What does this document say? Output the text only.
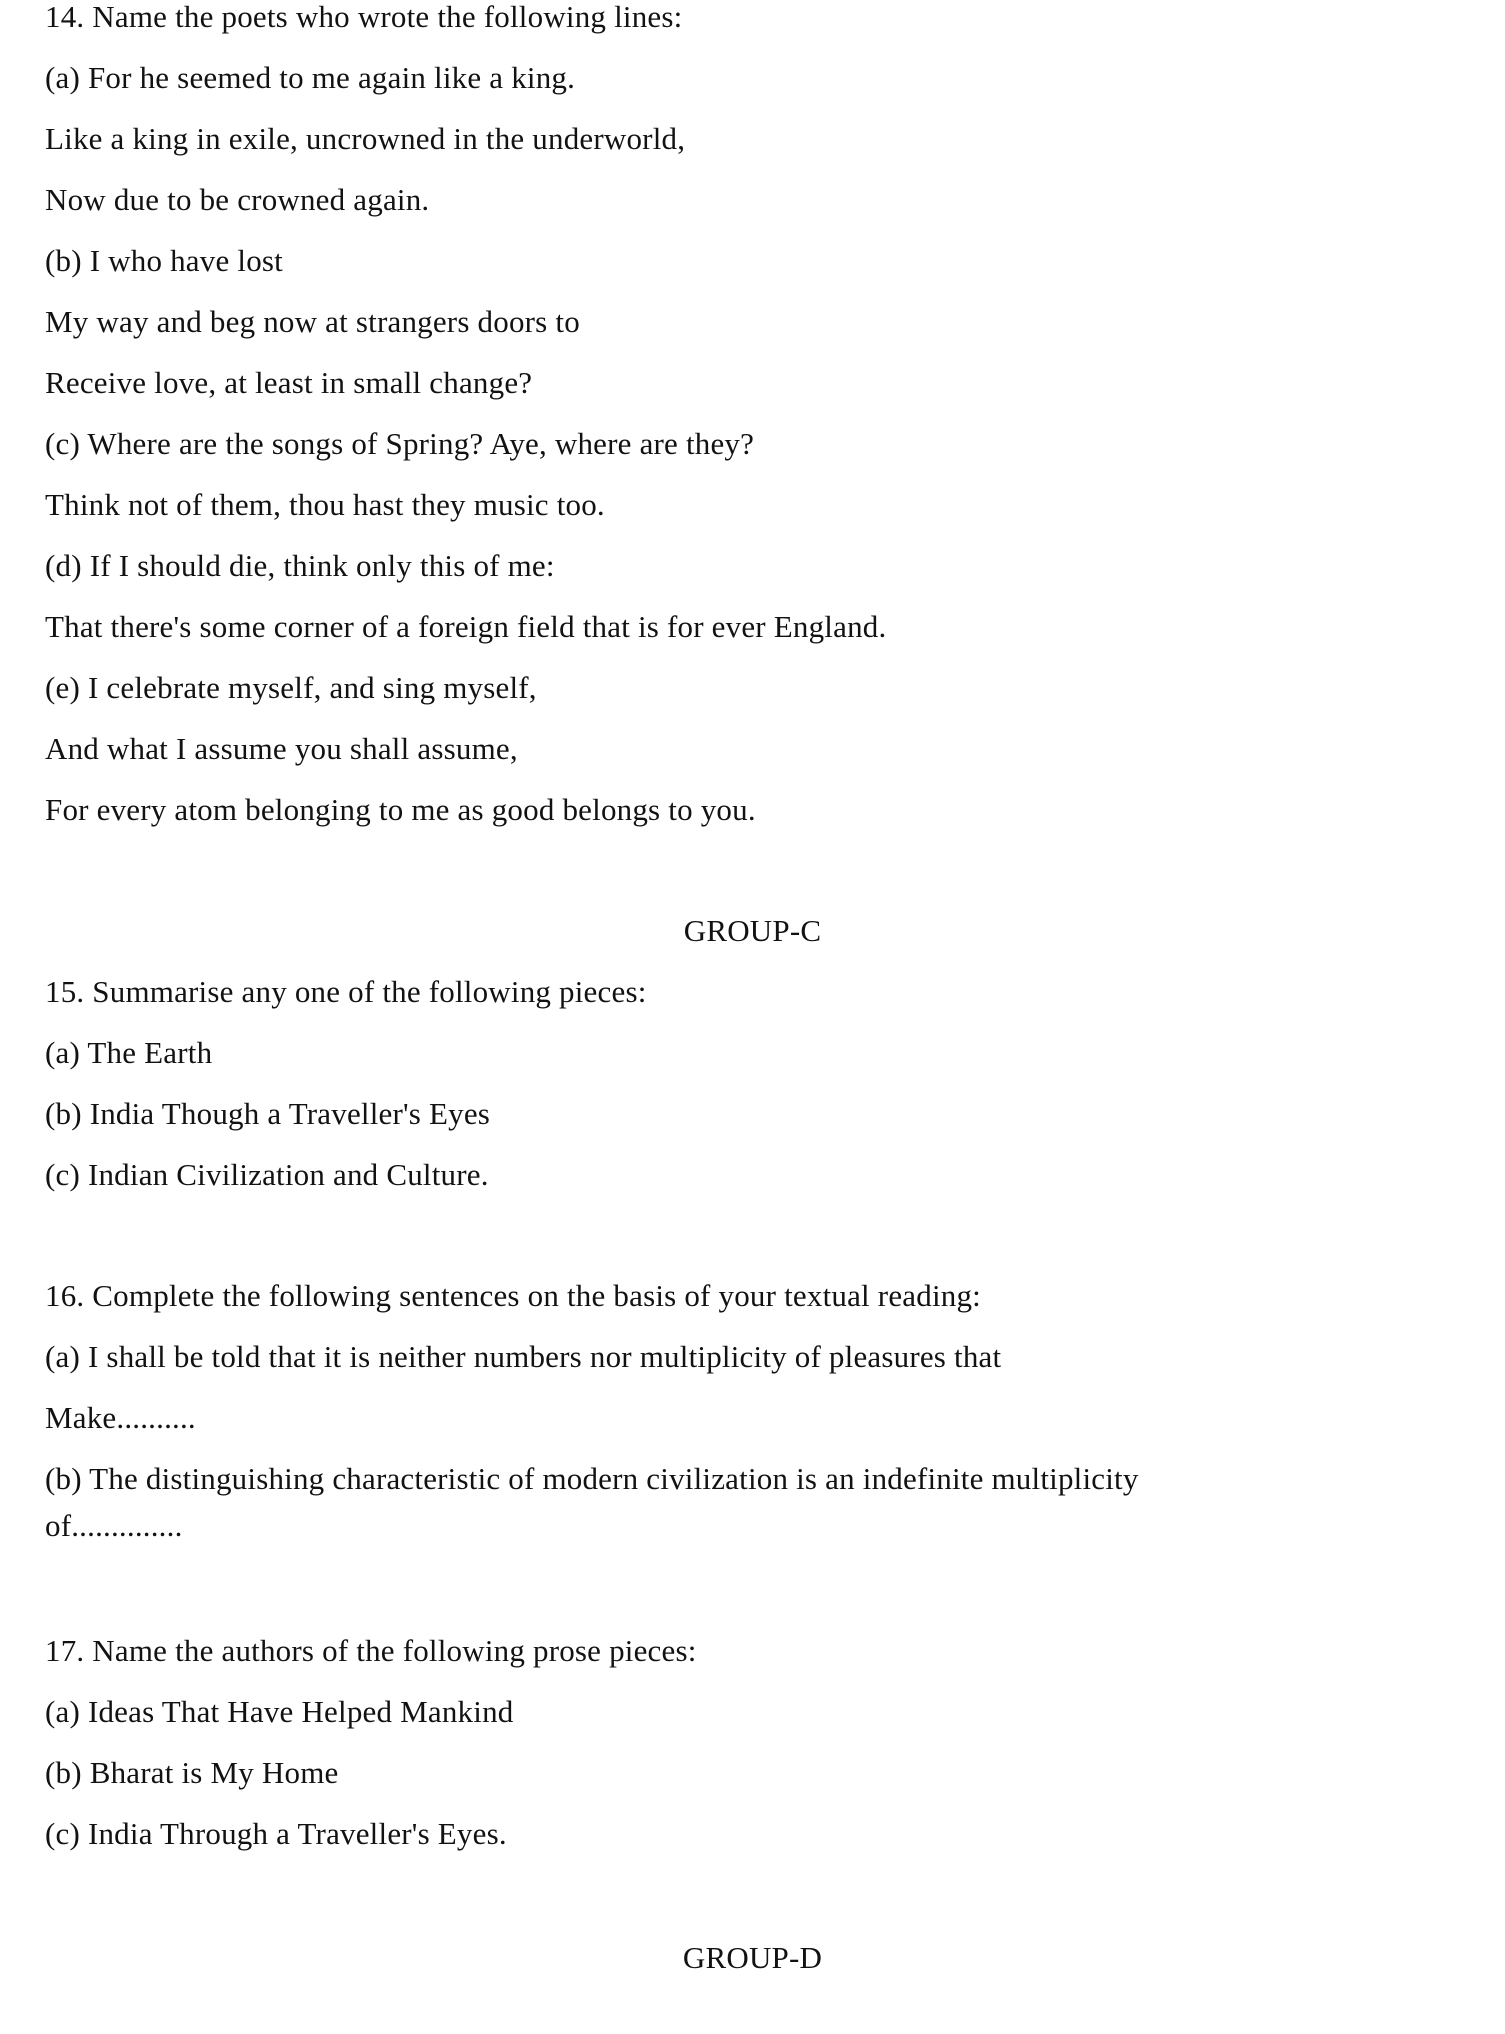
14. Name the poets who wrote the following lines:

(a) For he seemed to me again like a king.

Like a king in exile, uncrowned in the underworld,

Now due to be crowned again.

(b) I who have lost

My way and beg now at strangers doors to

Receive love, at least in small change?

(c) Where are the songs of Spring? Aye, where are they?

Think not of them, thou hast they music too.

(d) If I should die, think only this of me:

That there's some corner of a foreign field that is for ever England.

(e) I celebrate myself, and sing myself,

And what I assume you shall assume,

For every atom belonging to me as good belongs to you.

GROUP-C

15. Summarise any one of the following pieces:

(a) The Earth

(b) India Though a Traveller's Eyes

(c) Indian Civilization and Culture.

16. Complete the following sentences on the basis of your textual reading:

(a) I shall be told that it is neither numbers nor multiplicity of pleasures that

Make..........

(b) The distinguishing characteristic of modern civilization is an indefinite multiplicity

of..............

17. Name the authors of the following prose pieces:

(a) Ideas That Have Helped Mankind

(b) Bharat is My Home

(c) India Through a Traveller's Eyes.

GROUP-D
